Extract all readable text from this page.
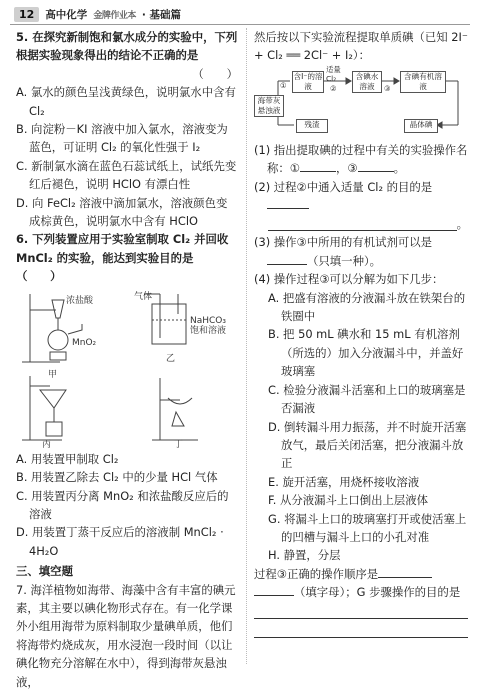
12	高中化学 金牌作业本 · 基础篇

5. 在探究新制饱和氯水成分的实验中，下列根据实验现象得出的结论不正确的是

（　　）

A. 氯水的颜色呈浅黄绿色，说明氯水中含有 Cl₂

B. 向淀粉－KI 溶液中加入氯水，溶液变为蓝色，可证明 Cl₂ 的氧化性强于 I₂

C. 新制氯水滴在蓝色石蕊试纸上，试纸先变红后褪色，说明 HClO 有漂白性

D. 向 FeCl₂ 溶液中滴加氯水，溶液颜色变成棕黄色，说明氯水中含有 HClO

6. 下列装置应用于实验室制取 Cl₂ 并回收 MnCl₂ 的实验，能达到实验目的是（　　）

浓盐酸
MnO₂
气体
NaHCO₃ 饱和溶液
甲
乙
丙	丁

A. 用装置甲制取 Cl₂

B. 用装置乙除去 Cl₂ 中的少量 HCl 气体

C. 用装置丙分离 MnO₂ 和浓盐酸反应后的溶液

D. 用装置丁蒸干反应后的溶液制 MnCl₂ · 4H₂O

三、填空题

7. 海洋植物如海带、海藻中含有丰富的碘元素，其主要以碘化物形式存在。有一化学课外小组用海带为原料制取少量碘单质，他们将海带灼烧成灰，用水浸泡一段时间（以让碘化物充分溶解在水中），得到海带灰悬浊液，

然后按以下实验流程提取单质碘（已知 2I⁻ + Cl₂ ══ 2Cl⁻ + I₂）：

海带灰悬浊液
①
含I⁻的溶液
适量Cl₂
②
含碘水溶液	③
含碘有机溶液
残渣	晶体碘

(1) 指出提取碘的过程中有关的实验操作名称：①	，③	。

(2) 过程②中通入适量 Cl₂ 的目的是

。

(3) 操作③中所用的有机试剂可以是（只填一种）。

(4) 操作过程③可以分解为如下几步：

A. 把盛有溶液的分液漏斗放在铁架台的铁圈中

B. 把 50 mL 碘水和 15 mL 有机溶剂（所选的）加入分液漏斗中，并盖好玻璃塞

C. 检验分液漏斗活塞和上口的玻璃塞是否漏液

D. 倒转漏斗用力振荡，并不时旋开活塞放气，最后关闭活塞，把分液漏斗放正

E. 旋开活塞，用烧杯接收溶液

F. 从分液漏斗上口倒出上层液体

G. 将漏斗上口的玻璃塞打开或使活塞上的凹槽与漏斗上口的小孔对准

H. 静置，分层

过程③正确的操作顺序是

（填字母）；G 步骤操作的目的是
